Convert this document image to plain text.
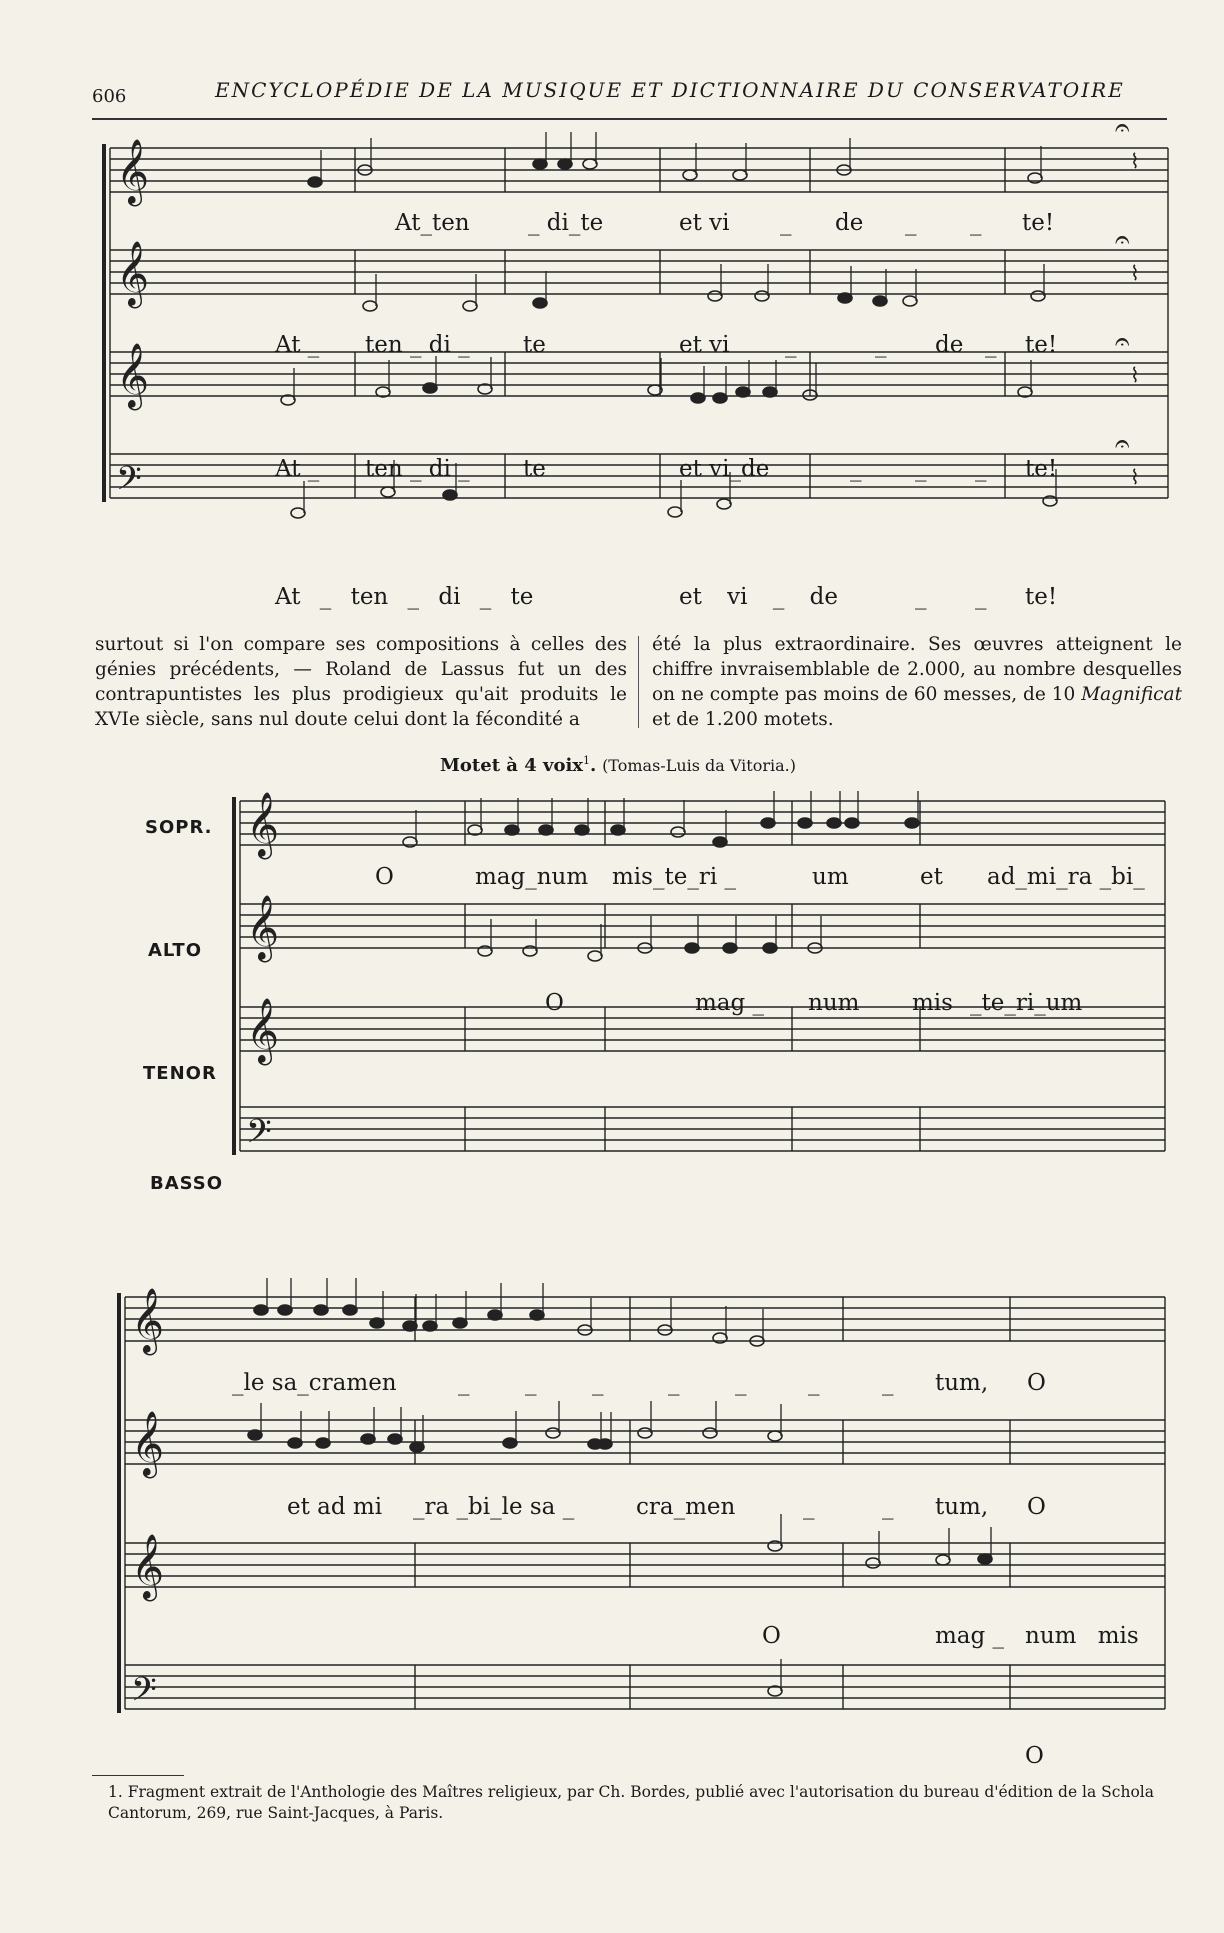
606	ENCYCLOPÉDIE DE LA MUSIQUE ET DICTIONNAIRE DU CONSERVATOIRE
𝄞
𝄞
𝄞
𝄢
𝄐
⌇
𝄐
⌇
𝄐
⌇
𝄐
⌇
At_ten	_ di_te	et vi _ de _ _ te!
At _ ten _ di _ te	et vi _	_ de _ te!
At _ ten _ di _ te	et vi_de	_ _ _ te!
At _ ten _ di _ te	et vi _ de	_ _ te!
surtout si l'on compare ses compositions à celles des génies précédents, — Roland de Lassus fut un des contrapuntistes les plus prodigieux qu'ait produits le XVIe siècle, sans nul doute celui dont la fécondité a
été la plus extraordinaire. Ses œuvres atteignent le chiffre invraisemblable de 2.000, au nombre desquelles on ne compte pas moins de 60 messes, de 10 Magnificat et de 1.200 motets.
Motet à 4 voix$^1$. (Tomas-Luis da Vitoria.)
SOPR.
ALTO
TENOR
BASSO
𝄞
𝄞
𝄞
𝄢
O	mag_num mis_te_ri _	um	et ad_mi_ra _bi_
O	mag _ num mis _te_ri_um
𝄞
𝄞
𝄞
𝄢
_le sa_cramen	_ _ _	_ _	_	_ tum, O
et ad mi _ra _bi_le sa _	cra_men	_	_ tum, O
O	mag _ num mis
O
1. Fragment extrait de l'Anthologie des Maîtres religieux, par Ch. Bordes, publié avec l'autorisation du bureau d'édition de la Schola Cantorum, 269, rue Saint-Jacques, à Paris.
